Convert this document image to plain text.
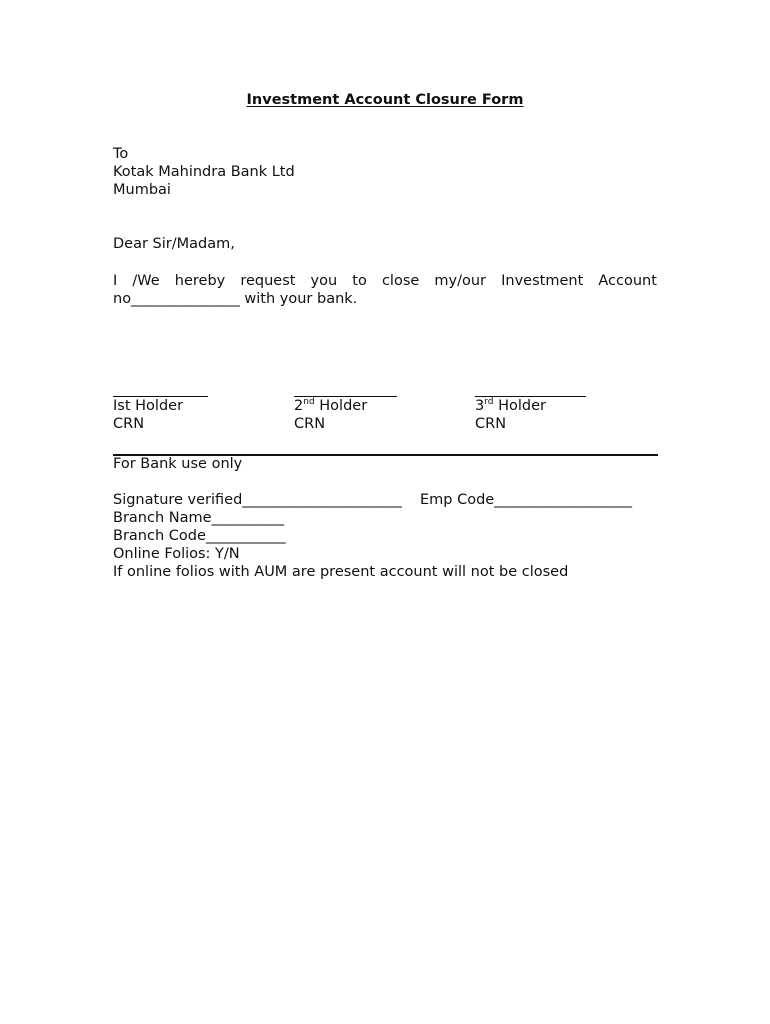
Investment Account Closure Form
To
Kotak Mahindra Bank Ltd
Mumbai
Dear Sir/Madam,
I /We hereby request you to close my/our Investment Account
no_______________ with your bank.
Ist Holder	2nd Holder	3rd Holder
CRN	CRN	CRN
For Bank use only
Signature verified______________________ Emp Code___________________
Branch Name__________
Branch Code___________
Online Folios: Y/N
If online folios with AUM are present account will not be closed
